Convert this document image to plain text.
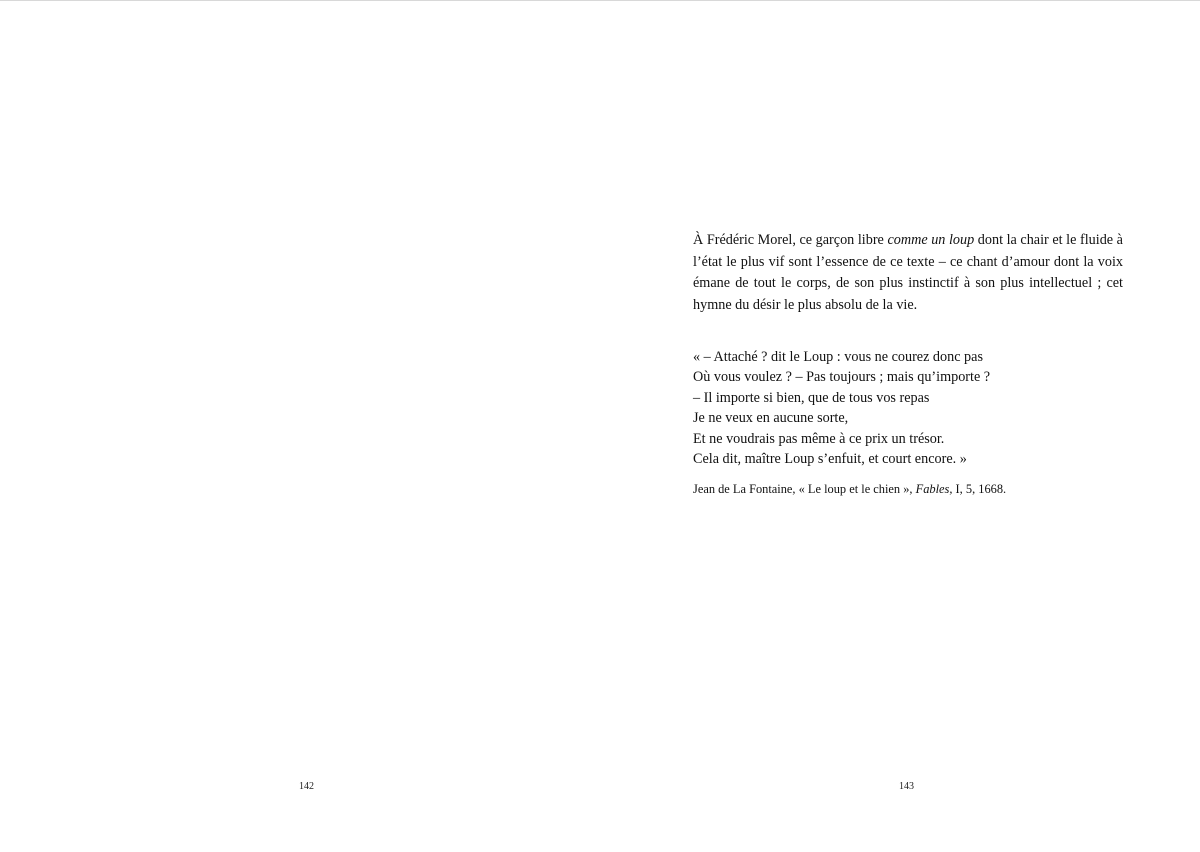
142

À Frédéric Morel, ce garçon libre comme un loup dont la chair et le fluide à l’état le plus vif sont l’essence de ce texte – ce chant d’amour dont la voix émane de tout le corps, de son plus instinctif à son plus intellectuel ; cet hymne du désir le plus absolu de la vie.

« – Attaché ? dit le Loup : vous ne courez donc pas
Où vous voulez ? – Pas toujours ; mais qu’importe ?
– Il importe si bien, que de tous vos repas
Je ne veux en aucune sorte,
Et ne voudrais pas même à ce prix un trésor.
Cela dit, maître Loup s’enfuit, et court encore. »

Jean de La Fontaine, « Le loup et le chien », Fables, I, 5, 1668.

143
